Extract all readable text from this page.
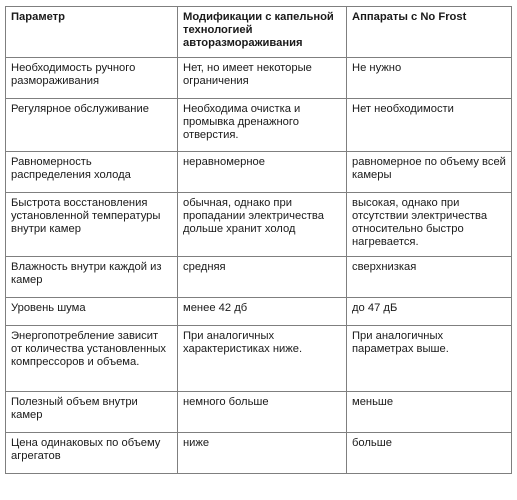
Параметр	Модификации с капельной технологией авторазмораживания	Аппараты с No Frost

Необходимость ручного размораживания	Нет, но имеет некоторые ограничения	Не нужно

Регулярное обслуживание	Необходима очистка и промывка дренажного отверстия.	Нет необходимости

Равномерность распределения холода	неравномерное	равномерное по объему всей камеры

Быстрота восстановления установленной температуры внутри камер	обычная, однако при пропадании электричества дольше хранит холод	высокая, однако при отсутствии электричества относительно быстро нагревается.

Влажность внутри каждой из камер	средняя	сверхнизкая

Уровень шума	менее 42 дб	до 47 дБ

Энергопотребление зависит от количества установленных компрессоров и объема.	При аналогичных характеристиках ниже.	При аналогичных параметрах выше.

Полезный объем внутри камер	немного больше	меньше

Цена одинаковых по объему агрегатов	ниже	больше
